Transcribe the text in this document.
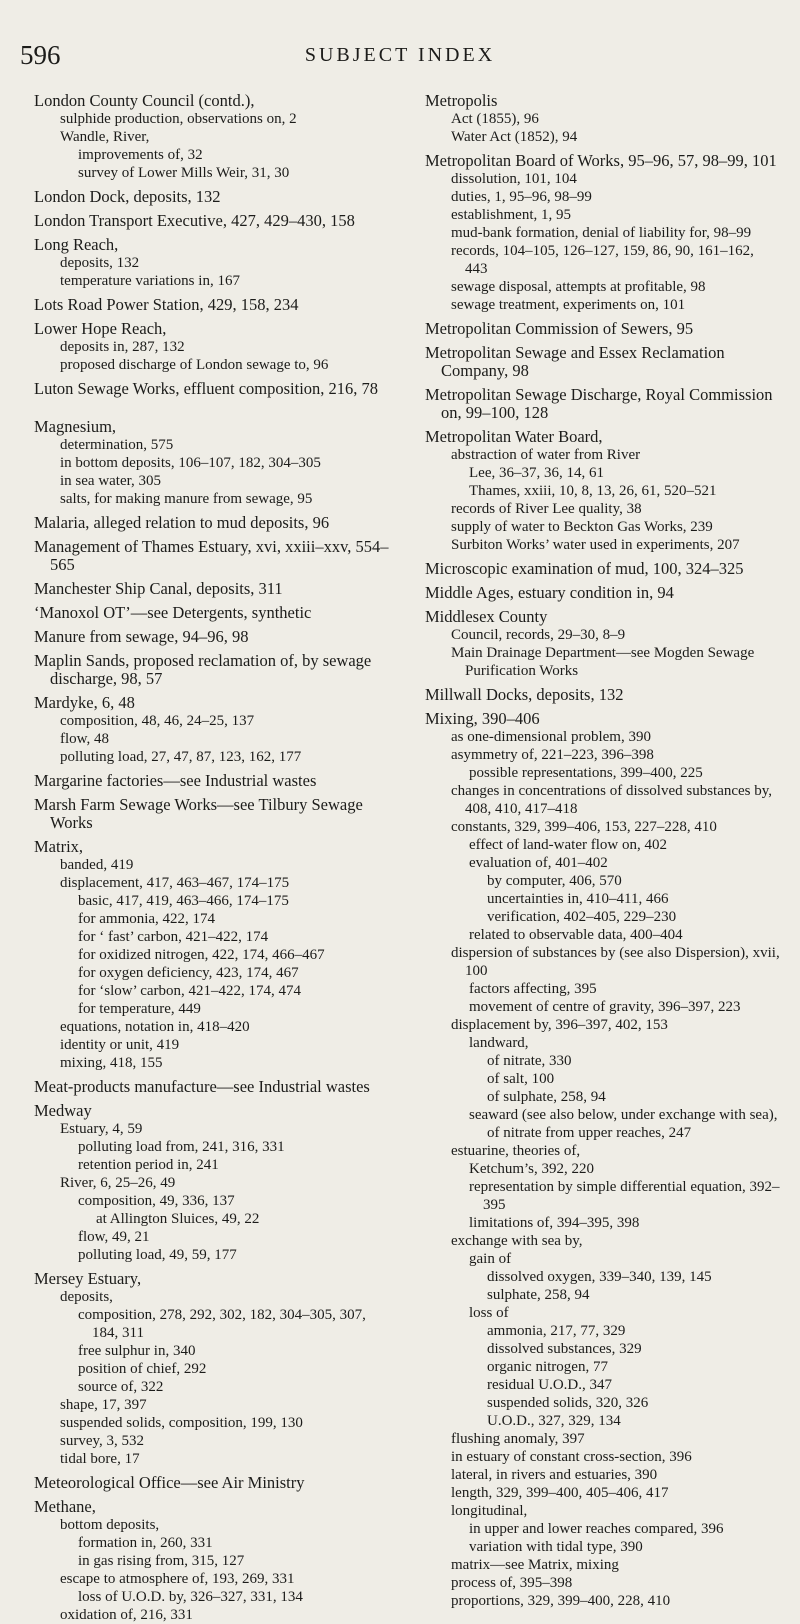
596	SUBJECT INDEX
London County Council (contd.),
sulphide production, observations on, 2
Wandle, River,
improvements of, 32
survey of Lower Mills Weir, 31, 30
London Dock, deposits, 132
London Transport Executive, 427, 429–430, 158
Long Reach,
deposits, 132
temperature variations in, 167
Lots Road Power Station, 429, 158, 234
Lower Hope Reach,
deposits in, 287, 132
proposed discharge of London sewage to, 96
Luton Sewage Works, effluent composition, 216, 78
Magnesium,
determination, 575
in bottom deposits, 106–107, 182, 304–305
in sea water, 305
salts, for making manure from sewage, 95
Malaria, alleged relation to mud deposits, 96
Management of Thames Estuary, xvi, xxiii–xxv, 554–565
Manchester Ship Canal, deposits, 311
‘Manoxol OT’—see Detergents, synthetic
Manure from sewage, 94–96, 98
Maplin Sands, proposed reclamation of, by sewage discharge, 98, 57
Mardyke, 6, 48
composition, 48, 46, 24–25, 137
flow, 48
polluting load, 27, 47, 87, 123, 162, 177
Margarine factories—see Industrial wastes
Marsh Farm Sewage Works—see Tilbury Sewage Works
Matrix,
banded, 419
displacement, 417, 463–467, 174–175
basic, 417, 419, 463–466, 174–175
for ammonia, 422, 174
for ‘ fast’ carbon, 421–422, 174
for oxidized nitrogen, 422, 174, 466–467
for oxygen deficiency, 423, 174, 467
for ‘slow’ carbon, 421–422, 174, 474
for temperature, 449
equations, notation in, 418–420
identity or unit, 419
mixing, 418, 155
Meat-products manufacture—see Industrial wastes
Medway
Estuary, 4, 59
polluting load from, 241, 316, 331
retention period in, 241
River, 6, 25–26, 49
composition, 49, 336, 137
at Allington Sluices, 49, 22
flow, 49, 21
polluting load, 49, 59, 177
Mersey Estuary,
deposits,
composition, 278, 292, 302, 182, 304–305, 307, 184, 311
free sulphur in, 340
position of chief, 292
source of, 322
shape, 17, 397
suspended solids, composition, 199, 130
survey, 3, 532
tidal bore, 17
Meteorological Office—see Air Ministry
Methane,
bottom deposits,
formation in, 260, 331
in gas rising from, 315, 127
escape to atmosphere of, 193, 269, 331
loss of U.O.D. by, 326–327, 331, 134
oxidation of, 216, 331
Metropolis
Act (1855), 96
Water Act (1852), 94
Metropolitan Board of Works, 95–96, 57, 98–99, 101
dissolution, 101, 104
duties, 1, 95–96, 98–99
establishment, 1, 95
mud-bank formation, denial of liability for, 98–99
records, 104–105, 126–127, 159, 86, 90, 161–162, 443
sewage disposal, attempts at profitable, 98
sewage treatment, experiments on, 101
Metropolitan Commission of Sewers, 95
Metropolitan Sewage and Essex Reclamation Company, 98
Metropolitan Sewage Discharge, Royal Commission on, 99–100, 128
Metropolitan Water Board,
abstraction of water from River
Lee, 36–37, 36, 14, 61
Thames, xxiii, 10, 8, 13, 26, 61, 520–521
records of River Lee quality, 38
supply of water to Beckton Gas Works, 239
Surbiton Works’ water used in experiments, 207
Microscopic examination of mud, 100, 324–325
Middle Ages, estuary condition in, 94
Middlesex County
Council, records, 29–30, 8–9
Main Drainage Department—see Mogden Sewage Purification Works
Millwall Docks, deposits, 132
Mixing, 390–406
as one-dimensional problem, 390
asymmetry of, 221–223, 396–398
possible representations, 399–400, 225
changes in concentrations of dissolved substances by, 408, 410, 417–418
constants, 329, 399–406, 153, 227–228, 410
effect of land-water flow on, 402
evaluation of, 401–402
by computer, 406, 570
uncertainties in, 410–411, 466
verification, 402–405, 229–230
related to observable data, 400–404
dispersion of substances by (see also Dispersion), xvii, 100
factors affecting, 395
movement of centre of gravity, 396–397, 223
displacement by, 396–397, 402, 153
landward,
of nitrate, 330
of salt, 100
of sulphate, 258, 94
seaward (see also below, under exchange with sea),
of nitrate from upper reaches, 247
estuarine, theories of,
Ketchum’s, 392, 220
representation by simple differential equation, 392–395
limitations of, 394–395, 398
exchange with sea by,
gain of
dissolved oxygen, 339–340, 139, 145
sulphate, 258, 94
loss of
ammonia, 217, 77, 329
dissolved substances, 329
organic nitrogen, 77
residual U.O.D., 347
suspended solids, 320, 326
U.O.D., 327, 329, 134
flushing anomaly, 397
in estuary of constant cross-section, 396
lateral, in rivers and estuaries, 390
length, 329, 399–400, 405–406, 417
longitudinal,
in upper and lower reaches compared, 396
variation with tidal type, 390
matrix—see Matrix, mixing
process of, 395–398
proportions, 329, 399–400, 228, 410
